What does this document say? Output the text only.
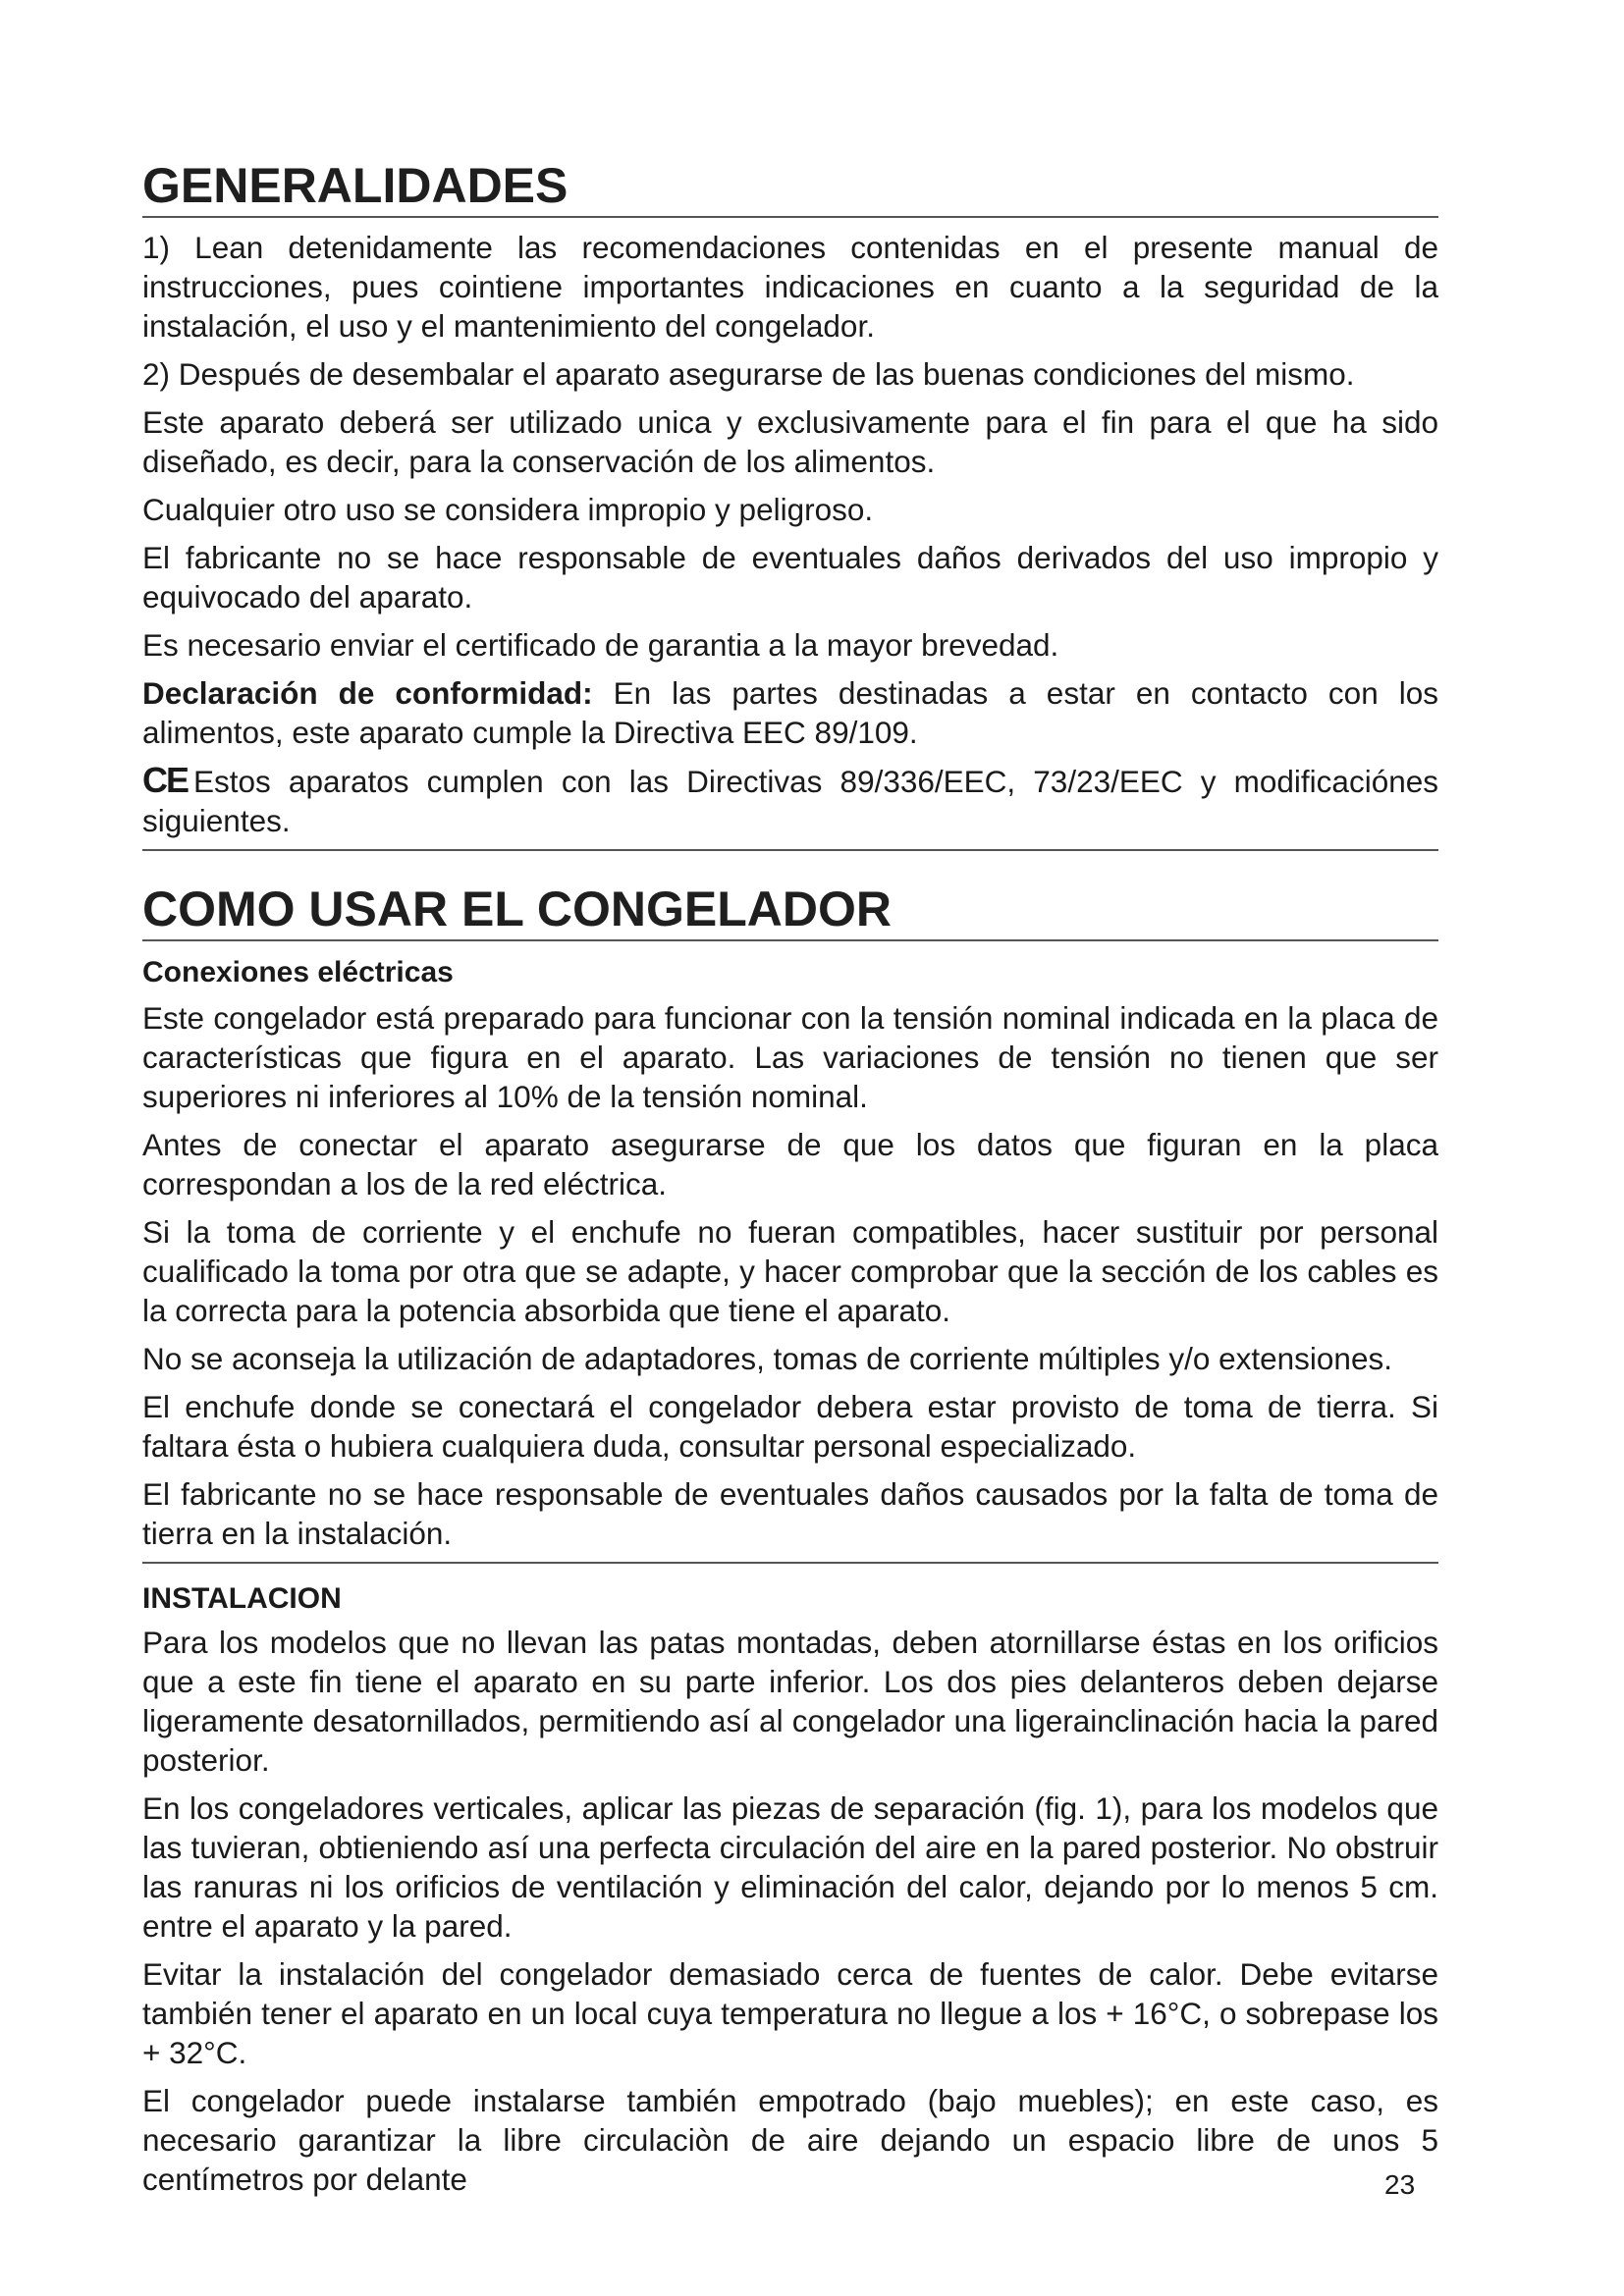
GENERALIDADES

1) Lean detenidamente las recomendaciones contenidas en el presente manual de instrucciones, pues cointiene importantes indicaciones en cuanto a la seguridad de la instalación, el uso y el mantenimiento del congelador.

2) Después de desembalar el aparato asegurarse de las buenas condiciones del mismo.

Este aparato deberá ser utilizado unica y exclusivamente para el fin para el que ha sido diseñado, es decir, para la conservación de los alimentos.

Cualquier otro uso se considera impropio y peligroso.

El fabricante no se hace responsable de eventuales daños derivados del uso impropio y equivocado del aparato.

Es necesario enviar el certificado de garantia a la mayor brevedad.

Declaración de conformidad: En las partes destinadas a estar en contacto con los alimentos, este aparato cumple la Directiva EEC 89/109.

CE Estos aparatos cumplen con las Directivas 89/336/EEC, 73/23/EEC y modificaciónes siguientes.

COMO USAR EL CONGELADOR
Conexiones eléctricas

Este congelador está preparado para funcionar con la tensión nominal indicada en la placa de características que figura en el aparato. Las variaciones de tensión no tienen que ser superiores ni inferiores al 10% de la tensión nominal.

Antes de conectar el aparato asegurarse de que los datos que figuran en la placa correspondan a los de la red eléctrica.

Si la toma de corriente y el enchufe no fueran compatibles, hacer sustituir por personal cualificado la toma por otra que se adapte, y hacer comprobar que la sección de los cables es la correcta para la potencia absorbida que tiene el aparato.

No se aconseja la utilización de adaptadores, tomas de corriente múltiples y/o extensiones.

El enchufe donde se conectará el congelador debera estar provisto de toma de tierra. Si faltara ésta o hubiera cualquiera duda, consultar personal especializado.

El fabricante no se hace responsable de eventuales daños causados por la falta de toma de tierra en la instalación.

INSTALACION

Para los modelos que no llevan las patas montadas, deben atornillarse éstas en los orificios que a este fin tiene el aparato en su parte inferior. Los dos pies delanteros deben dejarse ligeramente desatornillados, permitiendo así al congelador una ligerainclinación hacia la pared posterior.

En los congeladores verticales, aplicar las piezas de separación (fig. 1), para los modelos que las tuvieran, obtieniendo así una perfecta circulación del aire en la pared posterior. No obstruir las ranuras ni los orificios de ventilación y eliminación del calor, dejando por lo menos 5 cm. entre el aparato y la pared.

Evitar la instalación del congelador demasiado cerca de fuentes de calor. Debe evitarse también tener el aparato en un local cuya temperatura no llegue a los + 16°C, o sobrepase los + 32°C.

El congelador puede instalarse también empotrado (bajo muebles); en este caso, es necesario garantizar la libre circulaciòn de aire dejando un espacio libre de unos 5 centímetros por delante	23
